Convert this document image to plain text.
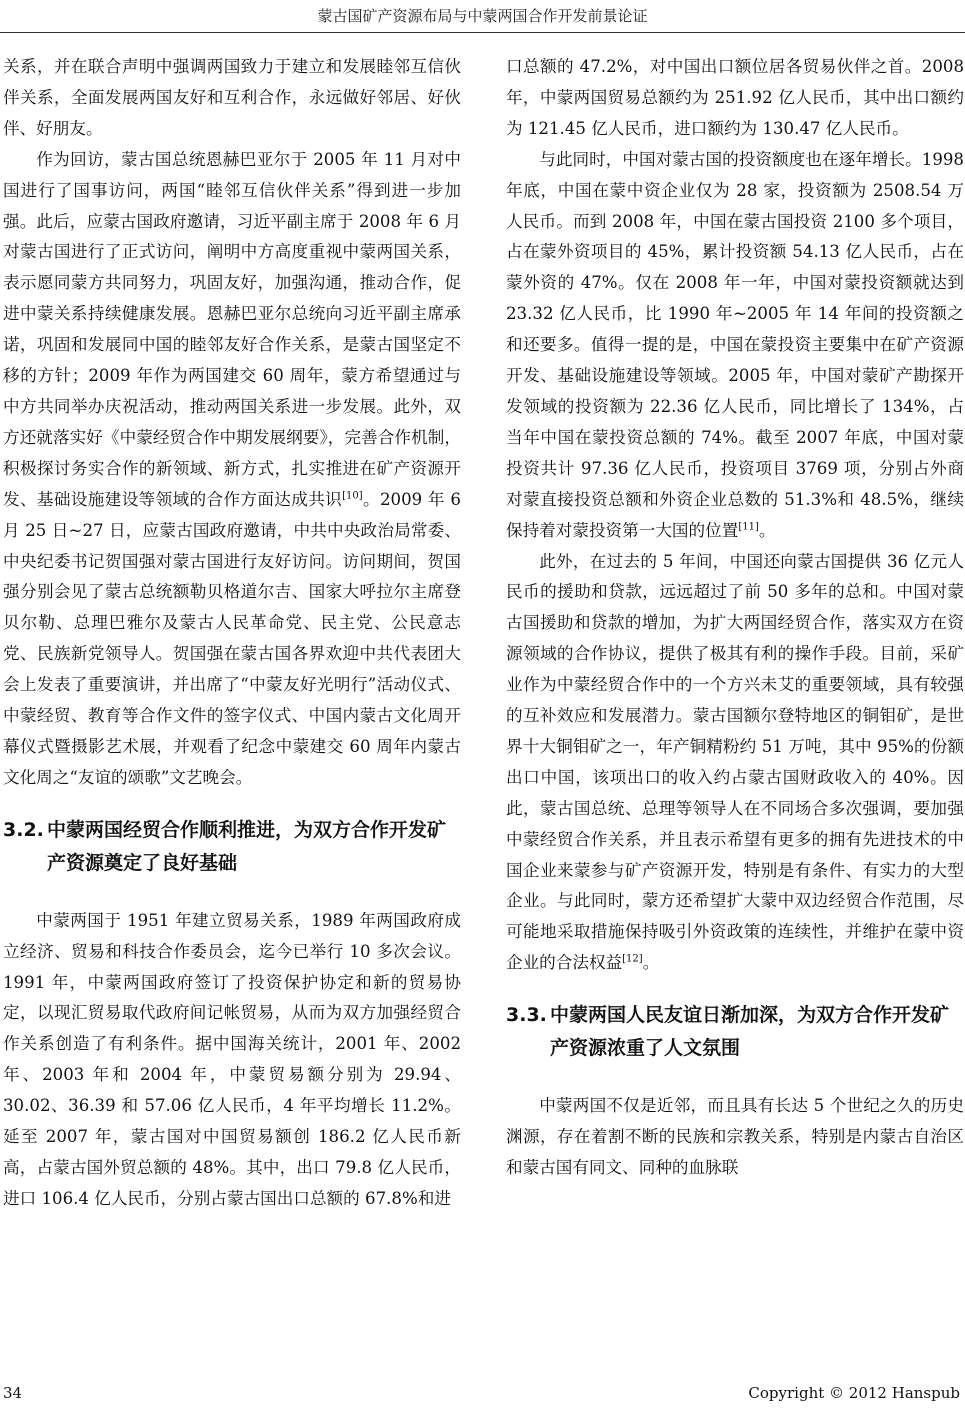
蒙古国矿产资源布局与中蒙两国合作开发前景论证

关系，并在联合声明中强调两国致力于建立和发展睦邻互信伙伴关系，全面发展两国友好和互利合作，永远做好邻居、好伙伴、好朋友。

作为回访，蒙古国总统恩赫巴亚尔于 2005 年 11 月对中国进行了国事访问，两国“睦邻互信伙伴关系”得到进一步加强。此后，应蒙古国政府邀请，习近平副主席于 2008 年 6 月对蒙古国进行了正式访问，阐明中方高度重视中蒙两国关系，表示愿同蒙方共同努力，巩固友好，加强沟通，推动合作，促进中蒙关系持续健康发展。恩赫巴亚尔总统向习近平副主席承诺，巩固和发展同中国的睦邻友好合作关系，是蒙古国坚定不移的方针；2009 年作为两国建交 60 周年，蒙方希望通过与中方共同举办庆祝活动，推动两国关系进一步发展。此外，双方还就落实好《中蒙经贸合作中期发展纲要》，完善合作机制，积极探讨务实合作的新领域、新方式，扎实推进在矿产资源开发、基础设施建设等领域的合作方面达成共识[10]。2009 年 6 月 25 日~27 日，应蒙古国政府邀请，中共中央政治局常委、中央纪委书记贺国强对蒙古国进行友好访问。访问期间，贺国强分别会见了蒙古总统额勒贝格道尔吉、国家大呼拉尔主席登贝尔勒、总理巴雅尔及蒙古人民革命党、民主党、公民意志党、民族新党领导人。贺国强在蒙古国各界欢迎中共代表团大会上发表了重要演讲，并出席了“中蒙友好光明行”活动仪式、中蒙经贸、教育等合作文件的签字仪式、中国内蒙古文化周开幕仪式暨摄影艺术展，并观看了纪念中蒙建交 60 周年内蒙古文化周之“友谊的颂歌”文艺晚会。

3.2. 中蒙两国经贸合作顺利推进，为双方合作开发矿产资源奠定了良好基础

中蒙两国于 1951 年建立贸易关系，1989 年两国政府成立经济、贸易和科技合作委员会，迄今已举行 10 多次会议。1991 年，中蒙两国政府签订了投资保护协定和新的贸易协定，以现汇贸易取代政府间记帐贸易，从而为双方加强经贸合作关系创造了有利条件。据中国海关统计，2001 年、2002 年、2003 年和 2004 年，中蒙贸易额分别为 29.94、30.02、36.39 和 57.06 亿人民币，4 年平均增长 11.2%。延至 2007 年，蒙古国对中国贸易额创 186.2 亿人民币新高，占蒙古国外贸总额的 48%。其中，出口 79.8 亿人民币，进口 106.4 亿人民币，分别占蒙古国出口总额的 67.8%和进

口总额的 47.2%，对中国出口额位居各贸易伙伴之首。2008 年，中蒙两国贸易总额约为 251.92 亿人民币，其中出口额约为 121.45 亿人民币，进口额约为 130.47 亿人民币。

与此同时，中国对蒙古国的投资额度也在逐年增长。1998 年底，中国在蒙中资企业仅为 28 家，投资额为 2508.54 万人民币。而到 2008 年，中国在蒙古国投资 2100 多个项目，占在蒙外资项目的 45%，累计投资额 54.13 亿人民币，占在蒙外资的 47%。仅在 2008 年一年，中国对蒙投资额就达到 23.32 亿人民币，比 1990 年~2005 年 14 年间的投资额之和还要多。值得一提的是，中国在蒙投资主要集中在矿产资源开发、基础设施建设等领域。2005 年，中国对蒙矿产勘探开发领域的投资额为 22.36 亿人民币，同比增长了 134%，占当年中国在蒙投资总额的 74%。截至 2007 年底，中国对蒙投资共计 97.36 亿人民币，投资项目 3769 项，分别占外商对蒙直接投资总额和外资企业总数的 51.3%和 48.5%，继续保持着对蒙投资第一大国的位置[11]。

此外，在过去的 5 年间，中国还向蒙古国提供 36 亿元人民币的援助和贷款，远远超过了前 50 多年的总和。中国对蒙古国援助和贷款的增加，为扩大两国经贸合作，落实双方在资源领域的合作协议，提供了极其有利的操作手段。目前，采矿业作为中蒙经贸合作中的一个方兴未艾的重要领域，具有较强的互补效应和发展潜力。蒙古国额尔登特地区的铜钼矿，是世界十大铜钼矿之一，年产铜精粉约 51 万吨，其中 95%的份额出口中国，该项出口的收入约占蒙古国财政收入的 40%。因此，蒙古国总统、总理等领导人在不同场合多次强调，要加强中蒙经贸合作关系，并且表示希望有更多的拥有先进技术的中国企业来蒙参与矿产资源开发，特别是有条件、有实力的大型企业。与此同时，蒙方还希望扩大蒙中双边经贸合作范围，尽可能地采取措施保持吸引外资政策的连续性，并维护在蒙中资企业的合法权益[12]。

3.3. 中蒙两国人民友谊日渐加深，为双方合作开发矿产资源浓重了人文氛围

中蒙两国不仅是近邻，而且具有长达 5 个世纪之久的历史渊源，存在着割不断的民族和宗教关系，特别是内蒙古自治区和蒙古国有同文、同种的血脉联

34	Copyright © 2012 Hanspub
